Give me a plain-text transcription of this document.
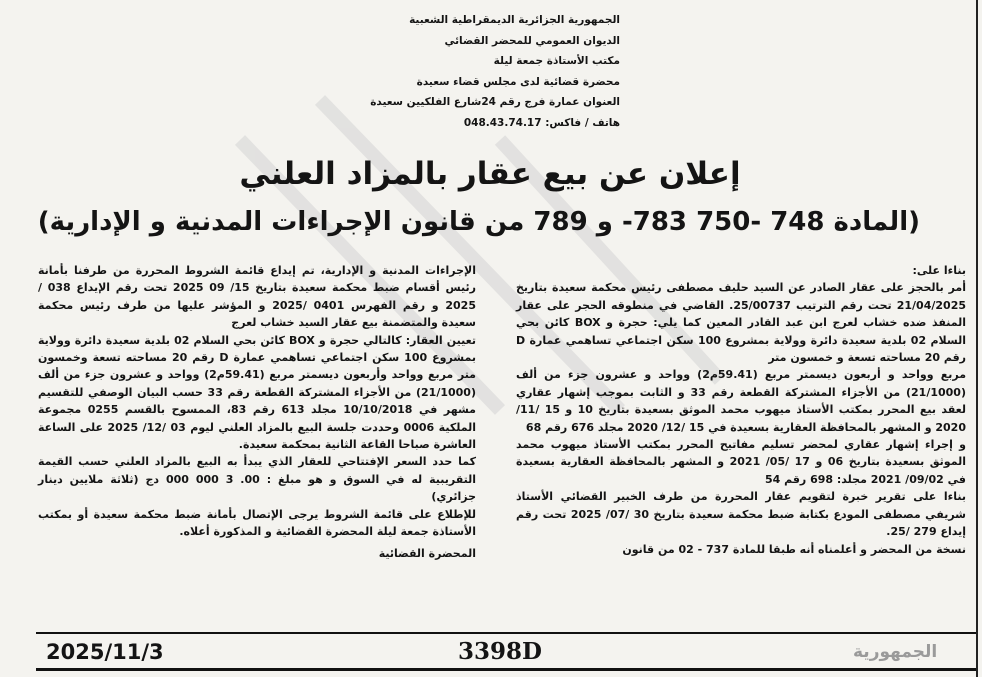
الجمهورية الجزائرية الديمقراطية الشعبية
الديوان العمومي للمحضر القضائي
مكتب الأستاذة جمعة ليلة
محضرة قضائية لدى مجلس قضاء سعيدة
العنوان عمارة فرج رقم 24شارع الفلكيين سعيدة
هاتف / فاكس: 048.43.74.17
إعلان عن بيع عقار بالمزاد العلني
(المادة 748 -750 783- و 789 من قانون الإجراءات المدنية و الإدارية)

بناءا على:

أمر بالحجز على عقار الصادر عن السيد حليف مصطفى رئيس محكمة سعيدة بتاريخ 21/04/2025 تحت رقم الترتيب 25/00737. القاضي في منطوقه الحجر على عقار المنفذ ضده خشاب لعرج ابن عبد القادر المعين كما يلي: حجرة و BOX كائن بحي السلام 02 بلدية سعيدة دائرة وولاية بمشروع 100 سكن اجتماعي تساهمي عمارة D رقم 20 مساحته تسعة و خمسون متر

مربع وواحد و أربعون ديسمتر مربع (59.41م2) وواحد و عشرون جزء من ألف (21/1000) من الأجزاء المشتركة القطعة رقم 33 و الثابت بموجب إشهار عقاري لعقد بيع المحرر بمكتب الأستاذ ميهوب محمد الموثق بسعيدة بتاريخ 10 و 15 /11/ 2020 و المشهر بالمحافظة العقارية بسعيدة في 15 /12/ 2020 مجلد 676 رقم 68

و إجراء إشهار عقاري لمحضر تسليم مفاتيح المحرر بمكتب الأستاذ ميهوب محمد الموثق بسعيدة بتاريخ 06 و 17 /05/ 2021 و المشهر بالمحافظة العقارية بسعيدة في 09/02/ 2021 مجلد: 698 رقم 54

بناءا على تقرير خبرة لتقويم عقار المحررة من طرف الخبير القضائي الأستاذ شريفي مصطفى المودع بكتابة ضبط محكمة سعيدة بتاريخ 30 /07/ 2025 تحت رقم إيداع 279 /25.

نسخة من المحضر و أعلمناه أنه طبقا للمادة 737 - 02 من قانون

الإجراءات المدنية و الإدارية، تم إيداع قائمة الشروط المحررة من طرفنا بأمانة رئيس أقسام ضبط محكمة سعيدة بتاريخ 15/ 09 2025 تحت رقم الإيداع 038 / 2025 و رقم الفهرس 0401 /2025 و المؤشر عليها من طرف رئيس محكمة سعيدة والمتضمنة بيع عقار السيد خشاب لعرج

تعيين العقار: كالتالي حجرة و BOX كائن بحي السلام 02 بلدية سعيدة دائرة وولاية بمشروع 100 سكن اجتماعي تساهمي عمارة D رقم 20 مساحته تسعة وخمسون متر مربع وواحد وأربعون ديسمتر مربع (59.41م2) وواحد و عشرون جزء من ألف (21/1000) من الأجزاء المشتركة القطعة رقم 33 حسب البيان الوصفي للتقسيم مشهر في 10/10/2018 مجلد 613 رقم 83، الممسوح بالقسم 0255 مجموعة الملكية 0006 وحددت جلسة البيع بالمزاد العلني ليوم 03 /12/ 2025 على الساعة العاشرة صباحا القاعة الثانية بمحكمة سعيدة.

كما حدد السعر الإفتتاحي للعقار الذي يبدأ به البيع بالمزاد العلني حسب القيمة التقريبية له في السوق و هو مبلغ : 00. 3 000 000 دج (ثلاثة ملايين دينار جزائري)

للإطلاع على قائمة الشروط يرجى الإتصال بأمانة ضبط محكمة سعيدة أو بمكتب الأستاذة جمعة ليلة المحضرة القضائية و المذكورة أعلاه.

المحضرة القضائية

2025/11/3	3398D	الجمهورية
